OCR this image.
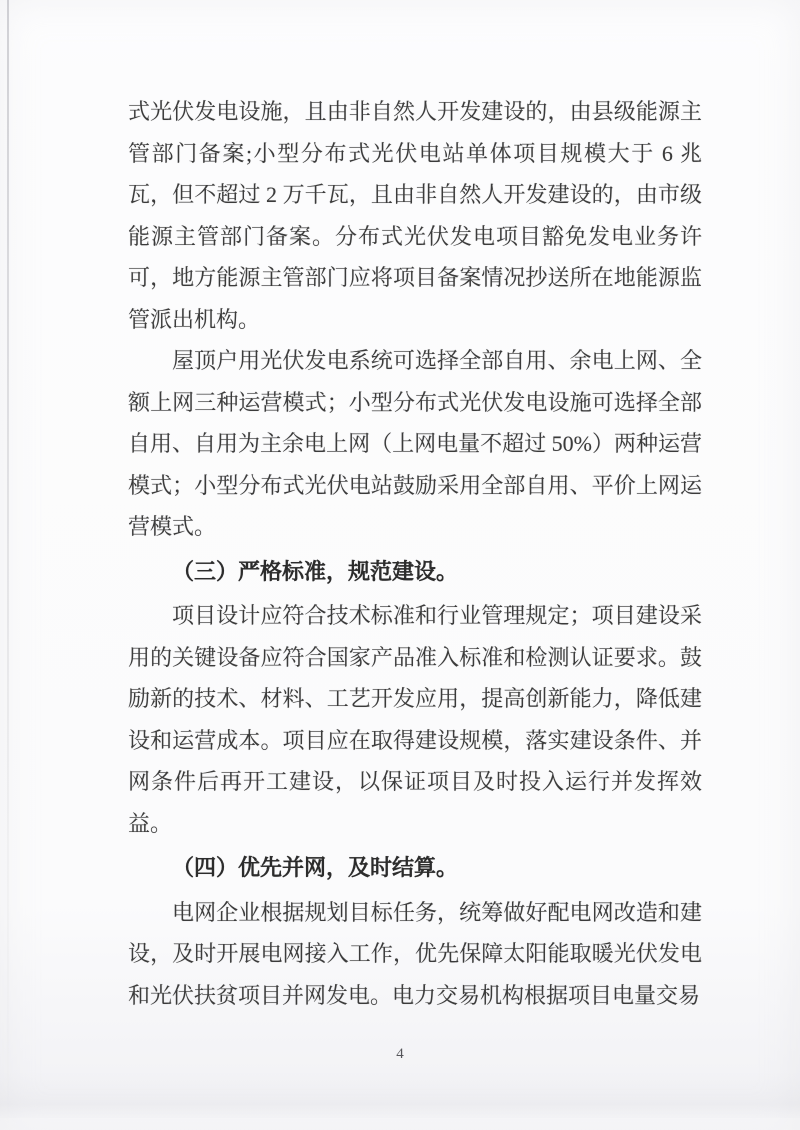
式光伏发电设施，且由非自然人开发建设的，由县级能源主管部门备案;小型分布式光伏电站单体项目规模大于 6 兆瓦，但不超过 2 万千瓦，且由非自然人开发建设的，由市级能源主管部门备案。分布式光伏发电项目豁免发电业务许可，地方能源主管部门应将项目备案情况抄送所在地能源监管派出机构。

屋顶户用光伏发电系统可选择全部自用、余电上网、全额上网三种运营模式；小型分布式光伏发电设施可选择全部自用、自用为主余电上网（上网电量不超过 50%）两种运营模式；小型分布式光伏电站鼓励采用全部自用、平价上网运营模式。

（三）严格标准，规范建设。

项目设计应符合技术标准和行业管理规定；项目建设采用的关键设备应符合国家产品准入标准和检测认证要求。鼓励新的技术、材料、工艺开发应用，提高创新能力，降低建设和运营成本。项目应在取得建设规模，落实建设条件、并网条件后再开工建设，以保证项目及时投入运行并发挥效益。

（四）优先并网，及时结算。

电网企业根据规划目标任务，统筹做好配电网改造和建设，及时开展电网接入工作，优先保障太阳能取暖光伏发电和光伏扶贫项目并网发电。电力交易机构根据项目电量交易

4
